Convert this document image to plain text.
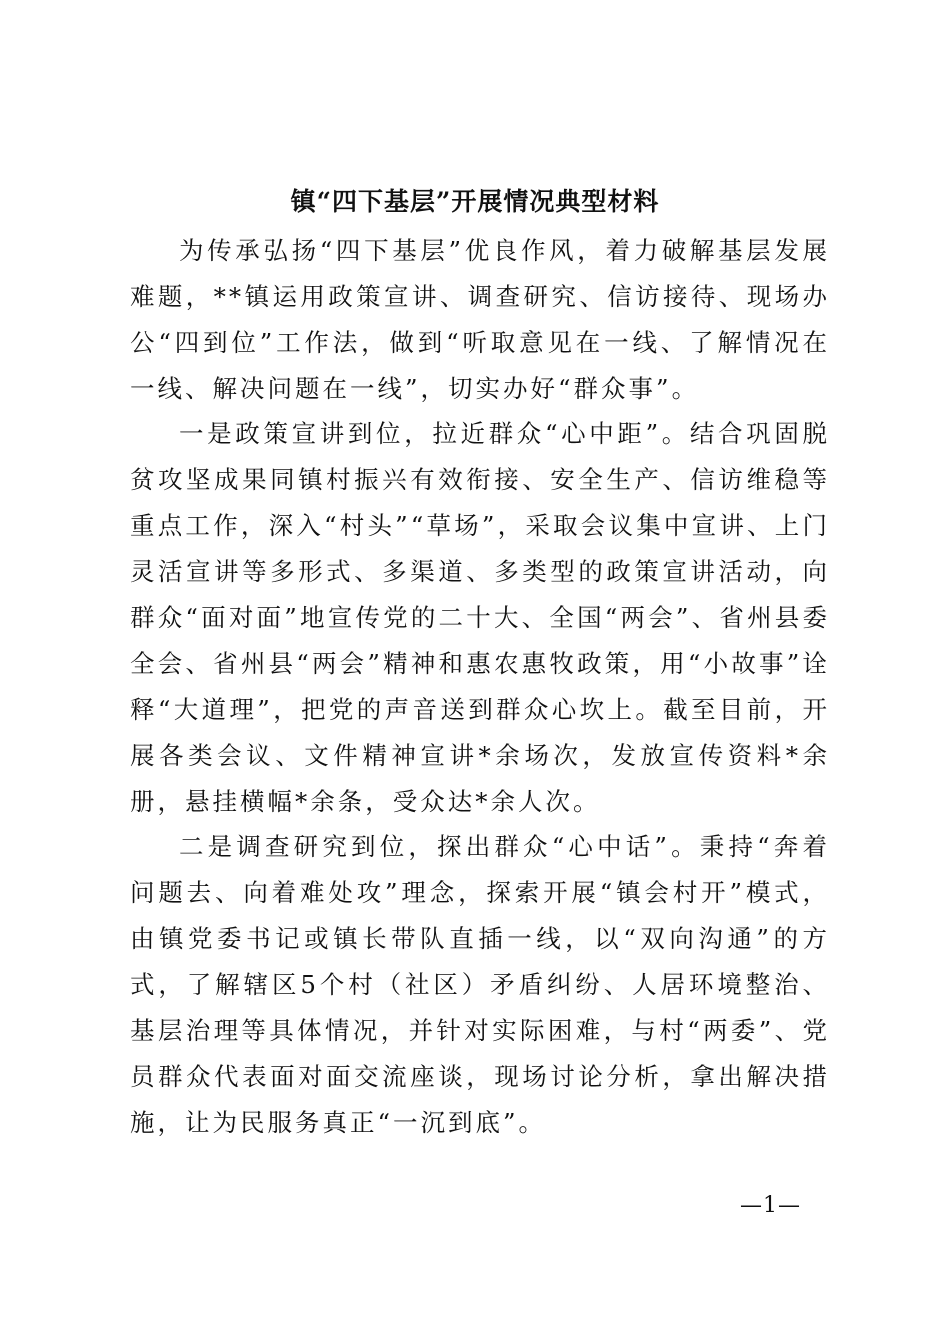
镇“四下基层”开展情况典型材料

为传承弘扬“四下基层”优良作风，着力破解基层发展难题，**镇运用政策宣讲、调查研究、信访接待、现场办公“四到位”工作法，做到“听取意见在一线、了解情况在一线、解决问题在一线”，切实办好“群众事”。

一是政策宣讲到位，拉近群众“心中距”。结合巩固脱贫攻坚成果同镇村振兴有效衔接、安全生产、信访维稳等重点工作，深入“村头”“草场”，采取会议集中宣讲、上门灵活宣讲等多形式、多渠道、多类型的政策宣讲活动，向群众“面对面”地宣传党的二十大、全国“两会”、省州县委全会、省州县“两会”精神和惠农惠牧政策，用“小故事”诠释“大道理”，把党的声音送到群众心坎上。截至目前，开展各类会议、文件精神宣讲*余场次，发放宣传资料*余册，悬挂横幅*余条，受众达*余人次。

二是调查研究到位，探出群众“心中话”。秉持“奔着问题去、向着难处攻”理念，探索开展“镇会村开”模式，由镇党委书记或镇长带队直插一线，以“双向沟通”的方式，了解辖区5个村（社区）矛盾纠纷、人居环境整治、基层治理等具体情况，并针对实际困难，与村“两委”、党员群众代表面对面交流座谈，现场讨论分析，拿出解决措施，让为民服务真正“一沉到底”。

—1—
